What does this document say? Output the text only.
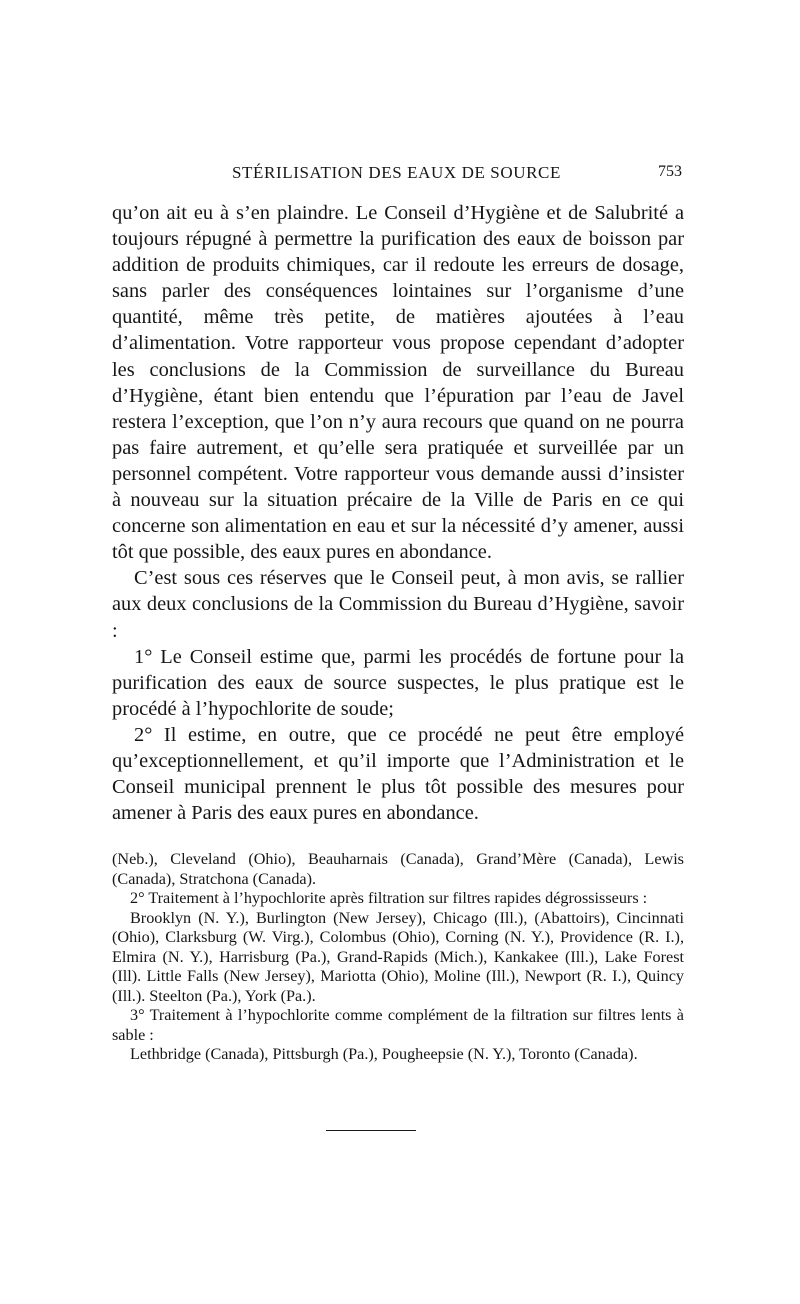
STÉRILISATION DES EAUX DE SOURCE	753

qu’on ait eu à s’en plaindre. Le Conseil d’Hygiène et de Salubrité a toujours répugné à permettre la purification des eaux de boisson par addition de produits chimiques, car il redoute les erreurs de dosage, sans parler des conséquences lointaines sur l’organisme d’une quantité, même très petite, de matières ajoutées à l’eau d’alimentation. Votre rapporteur vous propose cependant d’adopter les conclusions de la Commission de surveillance du Bureau d’Hygiène, étant bien entendu que l’épuration par l’eau de Javel restera l’exception, que l’on n’y aura recours que quand on ne pourra pas faire autrement, et qu’elle sera pratiquée et surveillée par un personnel compétent. Votre rapporteur vous demande aussi d’insister à nouveau sur la situation précaire de la Ville de Paris en ce qui concerne son alimentation en eau et sur la nécessité d’y amener, aussi tôt que possible, des eaux pures en abondance.

C’est sous ces réserves que le Conseil peut, à mon avis, se rallier aux deux conclusions de la Commission du Bureau d’Hygiène, savoir :

1° Le Conseil estime que, parmi les procédés de fortune pour la purification des eaux de source suspectes, le plus pratique est le procédé à l’hypochlorite de soude;

2° Il estime, en outre, que ce procédé ne peut être employé qu’exceptionnellement, et qu’il importe que l’Administration et le Conseil municipal prennent le plus tôt possible des mesures pour amener à Paris des eaux pures en abondance.

(Neb.), Cleveland (Ohio), Beauharnais (Canada), Grand’Mère (Canada), Lewis (Canada), Stratchona (Canada).

2° Traitement à l’hypochlorite après filtration sur filtres rapides dégrossisseurs :

Brooklyn (N. Y.), Burlington (New Jersey), Chicago (Ill.), (Abattoirs), Cincinnati (Ohio), Clarksburg (W. Virg.), Colombus (Ohio), Corning (N. Y.), Providence (R. I.), Elmira (N. Y.), Harrisburg (Pa.), Grand-Rapids (Mich.), Kankakee (Ill.), Lake Forest (Ill). Little Falls (New Jersey), Mariotta (Ohio), Moline (Ill.), Newport (R. I.), Quincy (Ill.). Steelton (Pa.), York (Pa.).

3° Traitement à l’hypochlorite comme complément de la filtration sur filtres lents à sable :

Lethbridge (Canada), Pittsburgh (Pa.), Pougheepsie (N. Y.), Toronto (Canada).
